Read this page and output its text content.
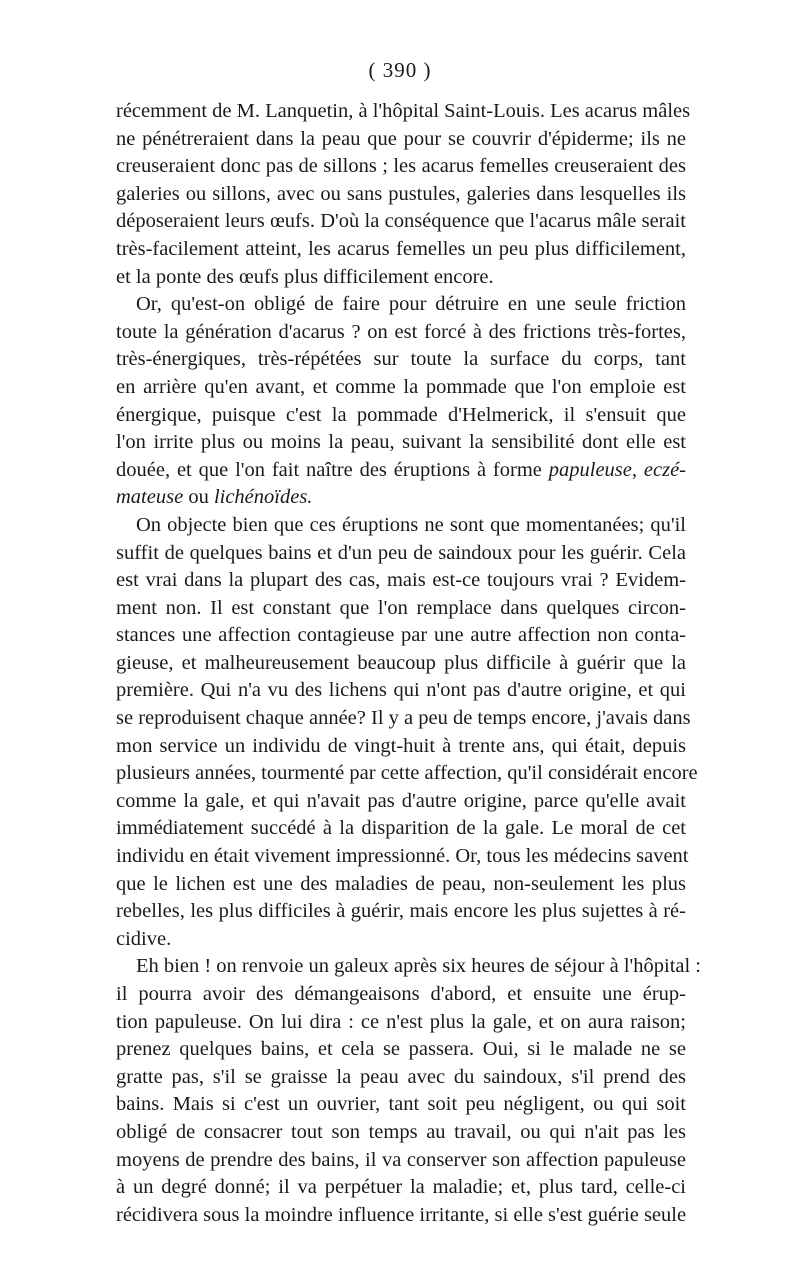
( 390 )
récemment de M. Lanquetin, à l'hôpital Saint-Louis. Les acarus mâles
ne pénétreraient dans la peau que pour se couvrir d'épiderme; ils ne
creuseraient donc pas de sillons ; les acarus femelles creuseraient des
galeries ou sillons, avec ou sans pustules, galeries dans lesquelles ils
déposeraient leurs œufs. D'où la conséquence que l'acarus mâle serait
très-facilement atteint, les acarus femelles un peu plus difficilement,
et la ponte des œufs plus difficilement encore.
Or, qu'est-on obligé de faire pour détruire en une seule friction
toute la génération d'acarus ? on est forcé à des frictions très-fortes,
très-énergiques, très-répétées sur toute la surface du corps, tant
en arrière qu'en avant, et comme la pommade que l'on emploie est
énergique, puisque c'est la pommade d'Helmerick, il s'ensuit que
l'on irrite plus ou moins la peau, suivant la sensibilité dont elle est
douée, et que l'on fait naître des éruptions à forme papuleuse, eczé-
mateuse ou lichénoïdes.
On objecte bien que ces éruptions ne sont que momentanées; qu'il
suffit de quelques bains et d'un peu de saindoux pour les guérir. Cela
est vrai dans la plupart des cas, mais est-ce toujours vrai ? Evidem-
ment non. Il est constant que l'on remplace dans quelques circon-
stances une affection contagieuse par une autre affection non conta-
gieuse, et malheureusement beaucoup plus difficile à guérir que la
première. Qui n'a vu des lichens qui n'ont pas d'autre origine, et qui
se reproduisent chaque année? Il y a peu de temps encore, j'avais dans
mon service un individu de vingt-huit à trente ans, qui était, depuis
plusieurs années, tourmenté par cette affection, qu'il considérait encore
comme la gale, et qui n'avait pas d'autre origine, parce qu'elle avait
immédiatement succédé à la disparition de la gale. Le moral de cet
individu en était vivement impressionné. Or, tous les médecins savent
que le lichen est une des maladies de peau, non-seulement les plus
rebelles, les plus difficiles à guérir, mais encore les plus sujettes à ré-
cidive.
Eh bien ! on renvoie un galeux après six heures de séjour à l'hôpital :
il pourra avoir des démangeaisons d'abord, et ensuite une érup-
tion papuleuse. On lui dira : ce n'est plus la gale, et on aura raison;
prenez quelques bains, et cela se passera. Oui, si le malade ne se
gratte pas, s'il se graisse la peau avec du saindoux, s'il prend des
bains. Mais si c'est un ouvrier, tant soit peu négligent, ou qui soit
obligé de consacrer tout son temps au travail, ou qui n'ait pas les
moyens de prendre des bains, il va conserver son affection papuleuse
à un degré donné; il va perpétuer la maladie; et, plus tard, celle-ci
récidivera sous la moindre influence irritante, si elle s'est guérie seule
